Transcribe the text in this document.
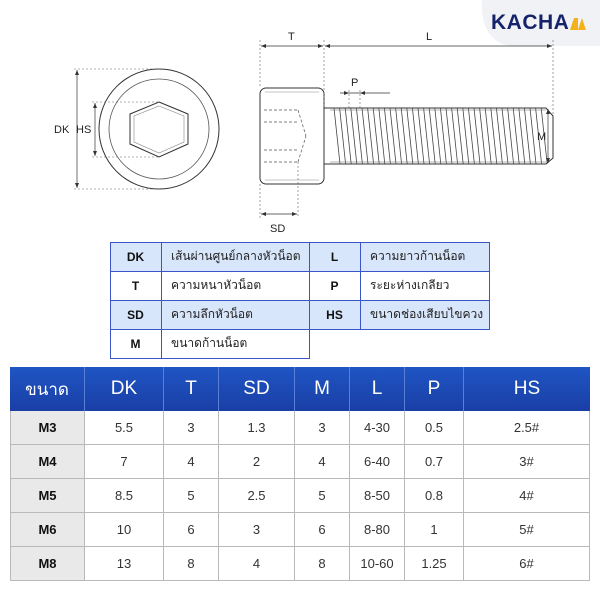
KACHA
DK HS
T	L
P
M
SD
DK	เส้นผ่านศูนย์กลางหัวน็อต	L	ความยาวก้านน็อต
T	ความหนาหัวน็อต	P	ระยะห่างเกลียว
SD	ความลึกหัวน็อต	HS	ขนาดช่องเสียบไขควง
M	ขนาดก้านน็อต
ขนาด	DK	T	SD	M	L	P	HS
M3	5.5	3	1.3	3	4-30	0.5	2.5#
M4	7	4	2	4	6-40	0.7	3#
M5	8.5	5	2.5	5	8-50	0.8	4#
M6	10	6	3	6	8-80	1	5#
M8	13	8	4	8	10-60	1.25	6#
